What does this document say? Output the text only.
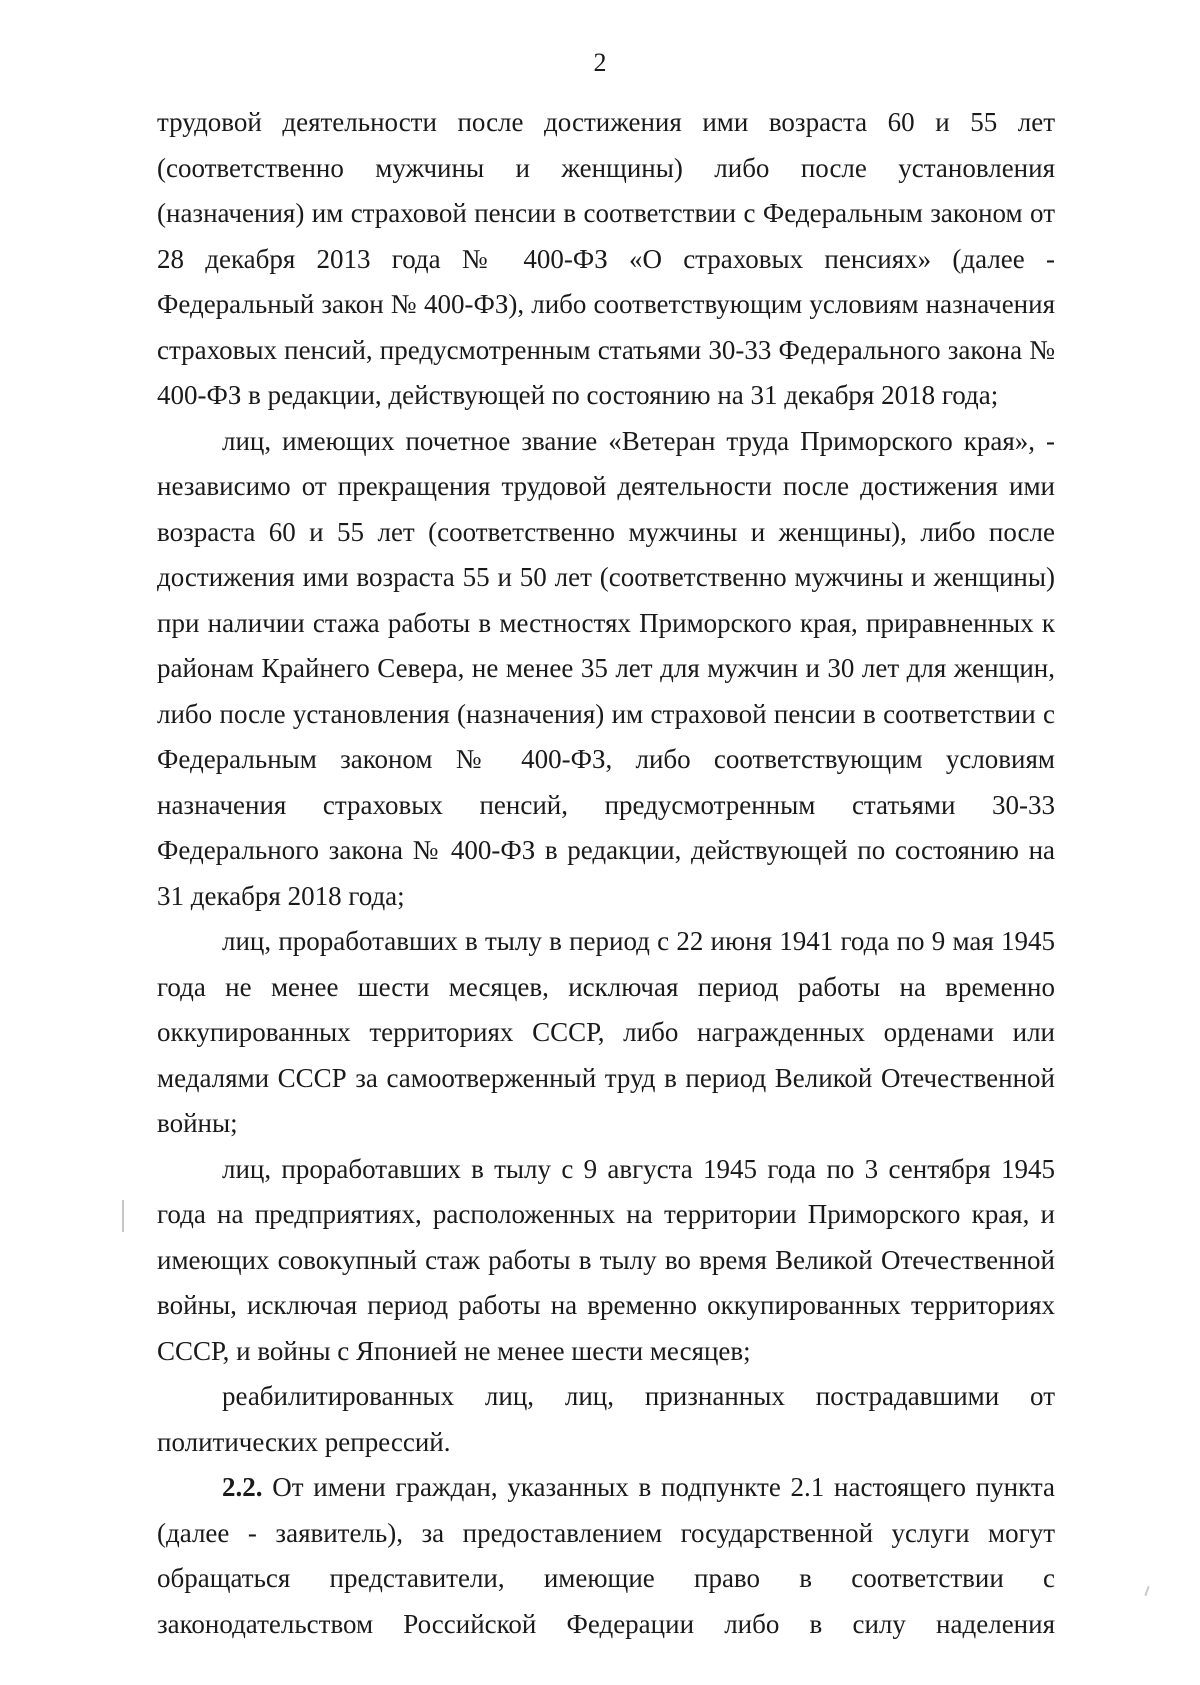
2

трудовой деятельности после достижения ими возраста 60 и 55 лет (соответственно мужчины и женщины) либо после установления (назначения) им страховой пенсии в соответствии с Федеральным законом от 28 декабря 2013 года № 400-ФЗ «О страховых пенсиях» (далее - Федеральный закон № 400-ФЗ), либо соответствующим условиям назначения страховых пенсий, предусмотренным статьями 30-33 Федерального закона № 400-ФЗ в редакции, действующей по состоянию на 31 декабря 2018 года;

лиц, имеющих почетное звание «Ветеран труда Приморского края», - независимо от прекращения трудовой деятельности после достижения ими возраста 60 и 55 лет (соответственно мужчины и женщины), либо после достижения ими возраста 55 и 50 лет (соответственно мужчины и женщины) при наличии стажа работы в местностях Приморского края, приравненных к районам Крайнего Севера, не менее 35 лет для мужчин и 30 лет для женщин, либо после установления (назначения) им страховой пенсии в соответствии с Федеральным законом № 400-ФЗ, либо соответствующим условиям назначения страховых пенсий, предусмотренным статьями 30-33 Федерального закона № 400-ФЗ в редакции, действующей по состоянию на 31 декабря 2018 года;

лиц, проработавших в тылу в период с 22 июня 1941 года по 9 мая 1945 года не менее шести месяцев, исключая период работы на временно оккупированных территориях СССР, либо награжденных орденами или медалями СССР за самоотверженный труд в период Великой Отечественной войны;

лиц, проработавших в тылу с 9 августа 1945 года по 3 сентября 1945 года на предприятиях, расположенных на территории Приморского края, и имеющих совокупный стаж работы в тылу во время Великой Отечественной войны, исключая период работы на временно оккупированных территориях СССР, и войны с Японией не менее шести месяцев;

реабилитированных лиц, лиц, признанных пострадавшими от политических репрессий.

2.2. От имени граждан, указанных в подпункте 2.1 настоящего пункта (далее - заявитель), за предоставлением государственной услуги могут обращаться представители, имеющие право в соответствии с законодательством Российской Федерации либо в силу наделения
